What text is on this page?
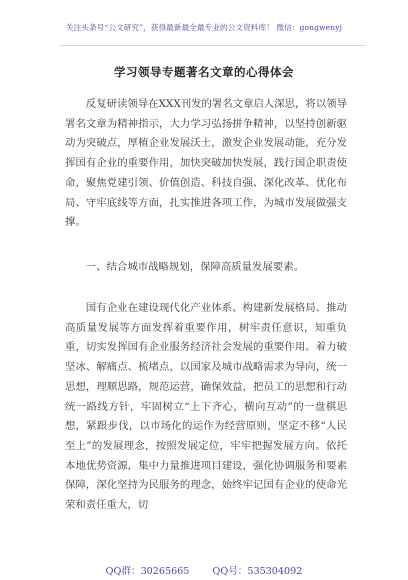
关注头条号“公文研究”，获得最新最全最专业的公文资料库！ 微信：gongwenyj
学习领导专题著名文章的心得体会

反复研读领导在XXX刊发的署名文章启人深思，将以领导署名文章为精神指示，大力学习弘扬拼争精神，以坚持创新驱动为突破点，厚植企业发展沃土，激发企业发展动能，充分发挥国有企业的重要作用，加快突破加快发展，践行国企职责使命，聚焦党建引领、价值创造、科技自强、深化改革、优化布局、守牢底线等方面，扎实推进各项工作，为城市发展做强支撑。

一、结合城市战略规划，保障高质量发展要素。

国有企业在建设现代化产业体系、构建新发展格局、推动高质量发展等方面发挥着重要作用，树牢责任意识，知重负重，切实发挥国有企业服务经济社会发展的重要作用。着力破坚冰、解痛点、梳堵点，以国家及城市战略需求为导向，统一思想，理顺思路，规范运营，确保效益，把员工的思想和行动统一路线方针，牢固树立“上下齐心，横向互动”的一盘棋思想，紧跟步伐，以市场化的运作为经营原则，坚定不移“人民至上”的发展理念，按照发展定位，牢牢把握发展方向。依托本地优势资源，集中力量推进项目建设，强化协调服务和要素保障，深化坚持为民服务的理念，始终牢记国有企业的使命光荣和责任重大，切

QQ群：30265665 QQ号：535304092
